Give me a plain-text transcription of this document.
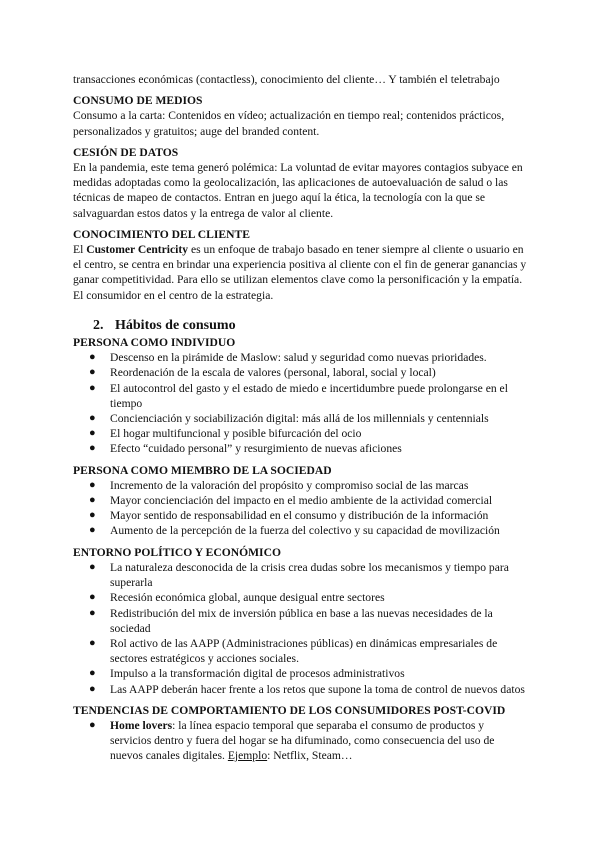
transacciones económicas (contactless), conocimiento del cliente… Y también el teletrabajo

CONSUMO DE MEDIOS

Consumo a la carta: Contenidos en vídeo; actualización en tiempo real; contenidos prácticos, personalizados y gratuitos; auge del branded content.

CESIÓN DE DATOS

En la pandemia, este tema generó polémica: La voluntad de evitar mayores contagios subyace en medidas adoptadas como la geolocalización, las aplicaciones de autoevaluación de salud o las técnicas de mapeo de contactos. Entran en juego aquí la ética, la tecnología con la que se salvaguardan estos datos y la entrega de valor al cliente.

CONOCIMIENTO DEL CLIENTE

El Customer Centricity es un enfoque de trabajo basado en tener siempre al cliente o usuario en el centro, se centra en brindar una experiencia positiva al cliente con el fin de generar ganancias y ganar competitividad. Para ello se utilizan elementos clave como la personificación y la empatía. El consumidor en el centro de la estrategia.

2. Hábitos de consumo

PERSONA COMO INDIVIDUO

● Descenso en la pirámide de Maslow: salud y seguridad como nuevas prioridades.
● Reordenación de la escala de valores (personal, laboral, social y local)
● El autocontrol del gasto y el estado de miedo e incertidumbre puede prolongarse en el tiempo
● Concienciación y sociabilización digital: más allá de los millennials y centennials
● El hogar multifuncional y posible bifurcación del ocio
● Efecto “cuidado personal” y resurgimiento de nuevas aficiones

PERSONA COMO MIEMBRO DE LA SOCIEDAD

● Incremento de la valoración del propósito y compromiso social de las marcas
● Mayor concienciación del impacto en el medio ambiente de la actividad comercial
● Mayor sentido de responsabilidad en el consumo y distribución de la información
● Aumento de la percepción de la fuerza del colectivo y su capacidad de movilización

ENTORNO POLÍTICO Y ECONÓMICO

● La naturaleza desconocida de la crisis crea dudas sobre los mecanismos y tiempo para superarla
● Recesión económica global, aunque desigual entre sectores
● Redistribución del mix de inversión pública en base a las nuevas necesidades de la sociedad
● Rol activo de las AAPP (Administraciones públicas) en dinámicas empresariales de sectores estratégicos y acciones sociales.
● Impulso a la transformación digital de procesos administrativos
● Las AAPP deberán hacer frente a los retos que supone la toma de control de nuevos datos

TENDENCIAS DE COMPORTAMIENTO DE LOS CONSUMIDORES POST-COVID

● Home lovers: la línea espacio temporal que separaba el consumo de productos y servicios dentro y fuera del hogar se ha difuminado, como consecuencia del uso de nuevos canales digitales. Ejemplo: Netflix, Steam…
